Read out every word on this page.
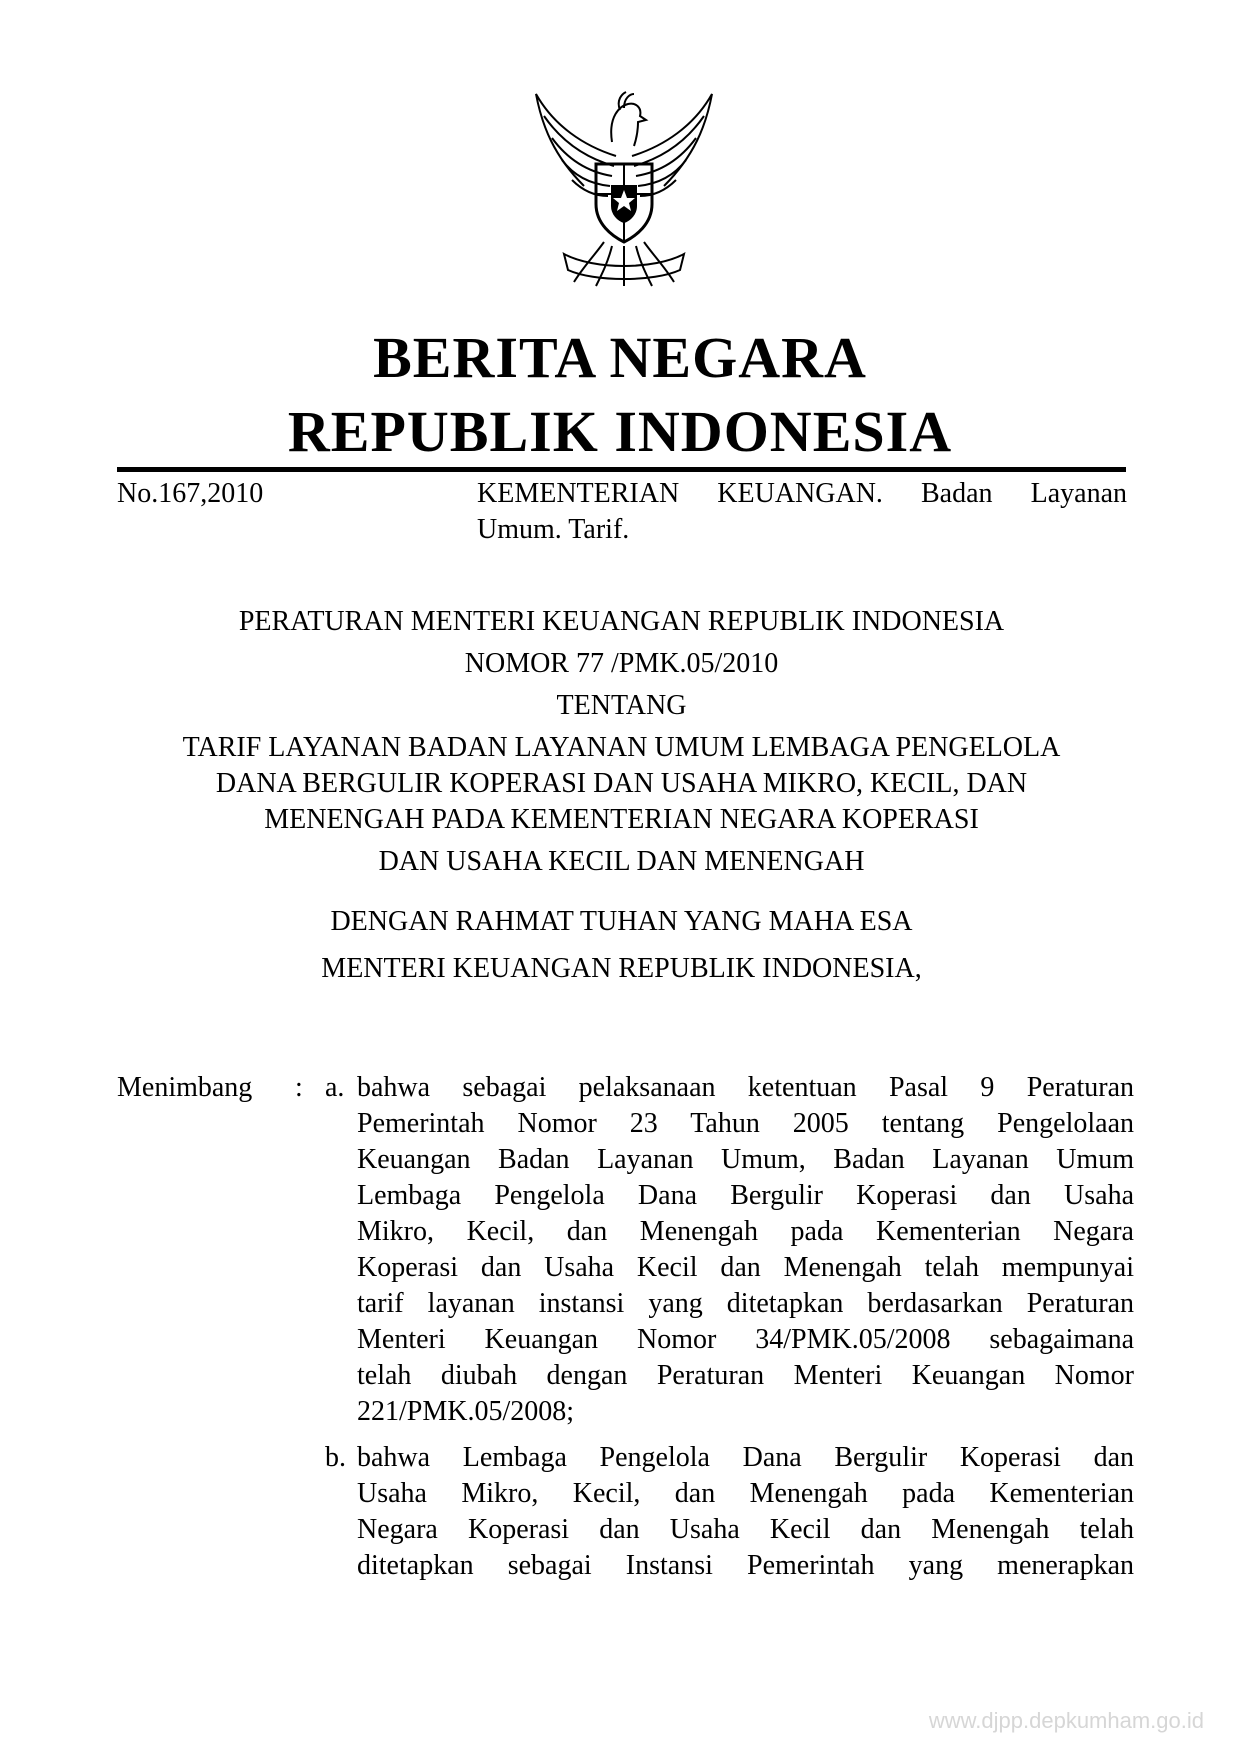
BERITA NEGARA
REPUBLIK INDONESIA
No.167,2010	KEMENTERIAN KEUANGAN. Badan Layanan
Umum. Tarif.
PERATURAN MENTERI KEUANGAN REPUBLIK INDONESIA
NOMOR 77 /PMK.05/2010
TENTANG
TARIF LAYANAN BADAN LAYANAN UMUM LEMBAGA PENGELOLA
DANA BERGULIR KOPERASI DAN USAHA MIKRO, KECIL, DAN
MENENGAH PADA KEMENTERIAN NEGARA KOPERASI
DAN USAHA KECIL DAN MENENGAH
DENGAN RAHMAT TUHAN YANG MAHA ESA
MENTERI KEUANGAN REPUBLIK INDONESIA,
Menimbang : a. bahwa sebagai pelaksanaan ketentuan Pasal 9 Peraturan
Pemerintah Nomor 23 Tahun 2005 tentang Pengelolaan
Keuangan Badan Layanan Umum, Badan Layanan Umum
Lembaga Pengelola Dana Bergulir Koperasi dan Usaha
Mikro, Kecil, dan Menengah pada Kementerian Negara
Koperasi dan Usaha Kecil dan Menengah telah mempunyai
tarif layanan instansi yang ditetapkan berdasarkan Peraturan
Menteri Keuangan Nomor 34/PMK.05/2008 sebagaimana
telah diubah dengan Peraturan Menteri Keuangan Nomor
221/PMK.05/2008;
b. bahwa Lembaga Pengelola Dana Bergulir Koperasi dan
Usaha Mikro, Kecil, dan Menengah pada Kementerian
Negara Koperasi dan Usaha Kecil dan Menengah telah
ditetapkan sebagai Instansi Pemerintah yang menerapkan
www.djpp.depkumham.go.id
